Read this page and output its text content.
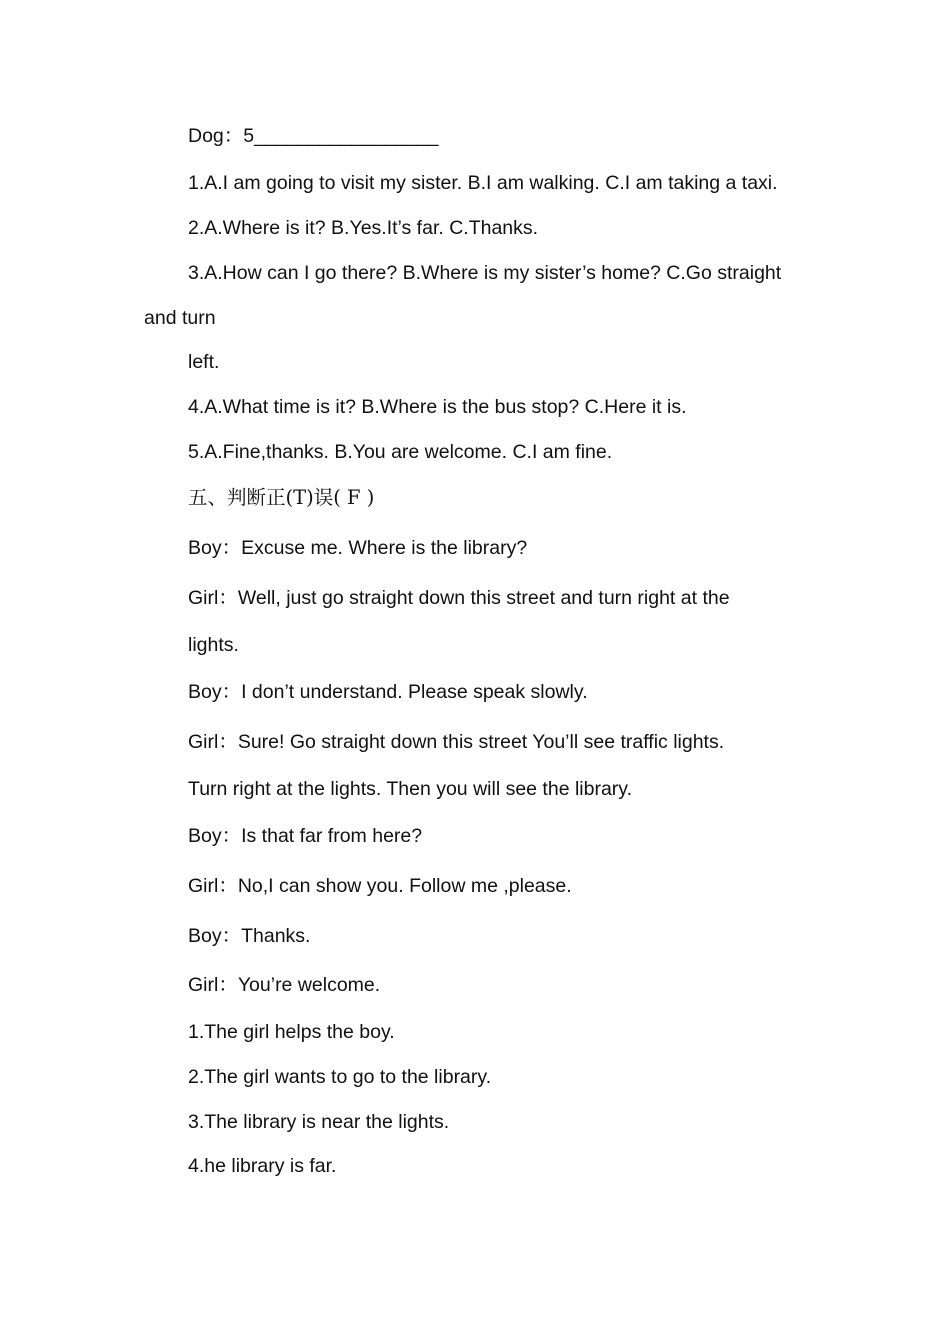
Dog：5_________________
1.A.I am going to visit my sister. B.I am walking. C.I am taking a taxi.
2.A.Where is it? B.Yes.It’s far. C.Thanks.
3.A.How can I go there? B.Where is my sister’s home? C.Go straight
and turn
left.
4.A.What time is it? B.Where is the bus stop? C.Here it is.
5.A.Fine,thanks. B.You are welcome. C.I am fine.
五、判断正(T)误( F )
Boy：Excuse me. Where is the library?
Girl：Well, just go straight down this street and turn right at the
lights.
Boy：I don’t understand. Please speak slowly.
Girl：Sure! Go straight down this street You’ll see traffic lights.
Turn right at the lights. Then you will see the library.
Boy：Is that far from here?
Girl：No,I can show you. Follow me ,please.
Boy：Thanks.
Girl：You’re welcome.
1.The girl helps the boy.
2.The girl wants to go to the library.
3.The library is near the lights.
4.he library is far.
